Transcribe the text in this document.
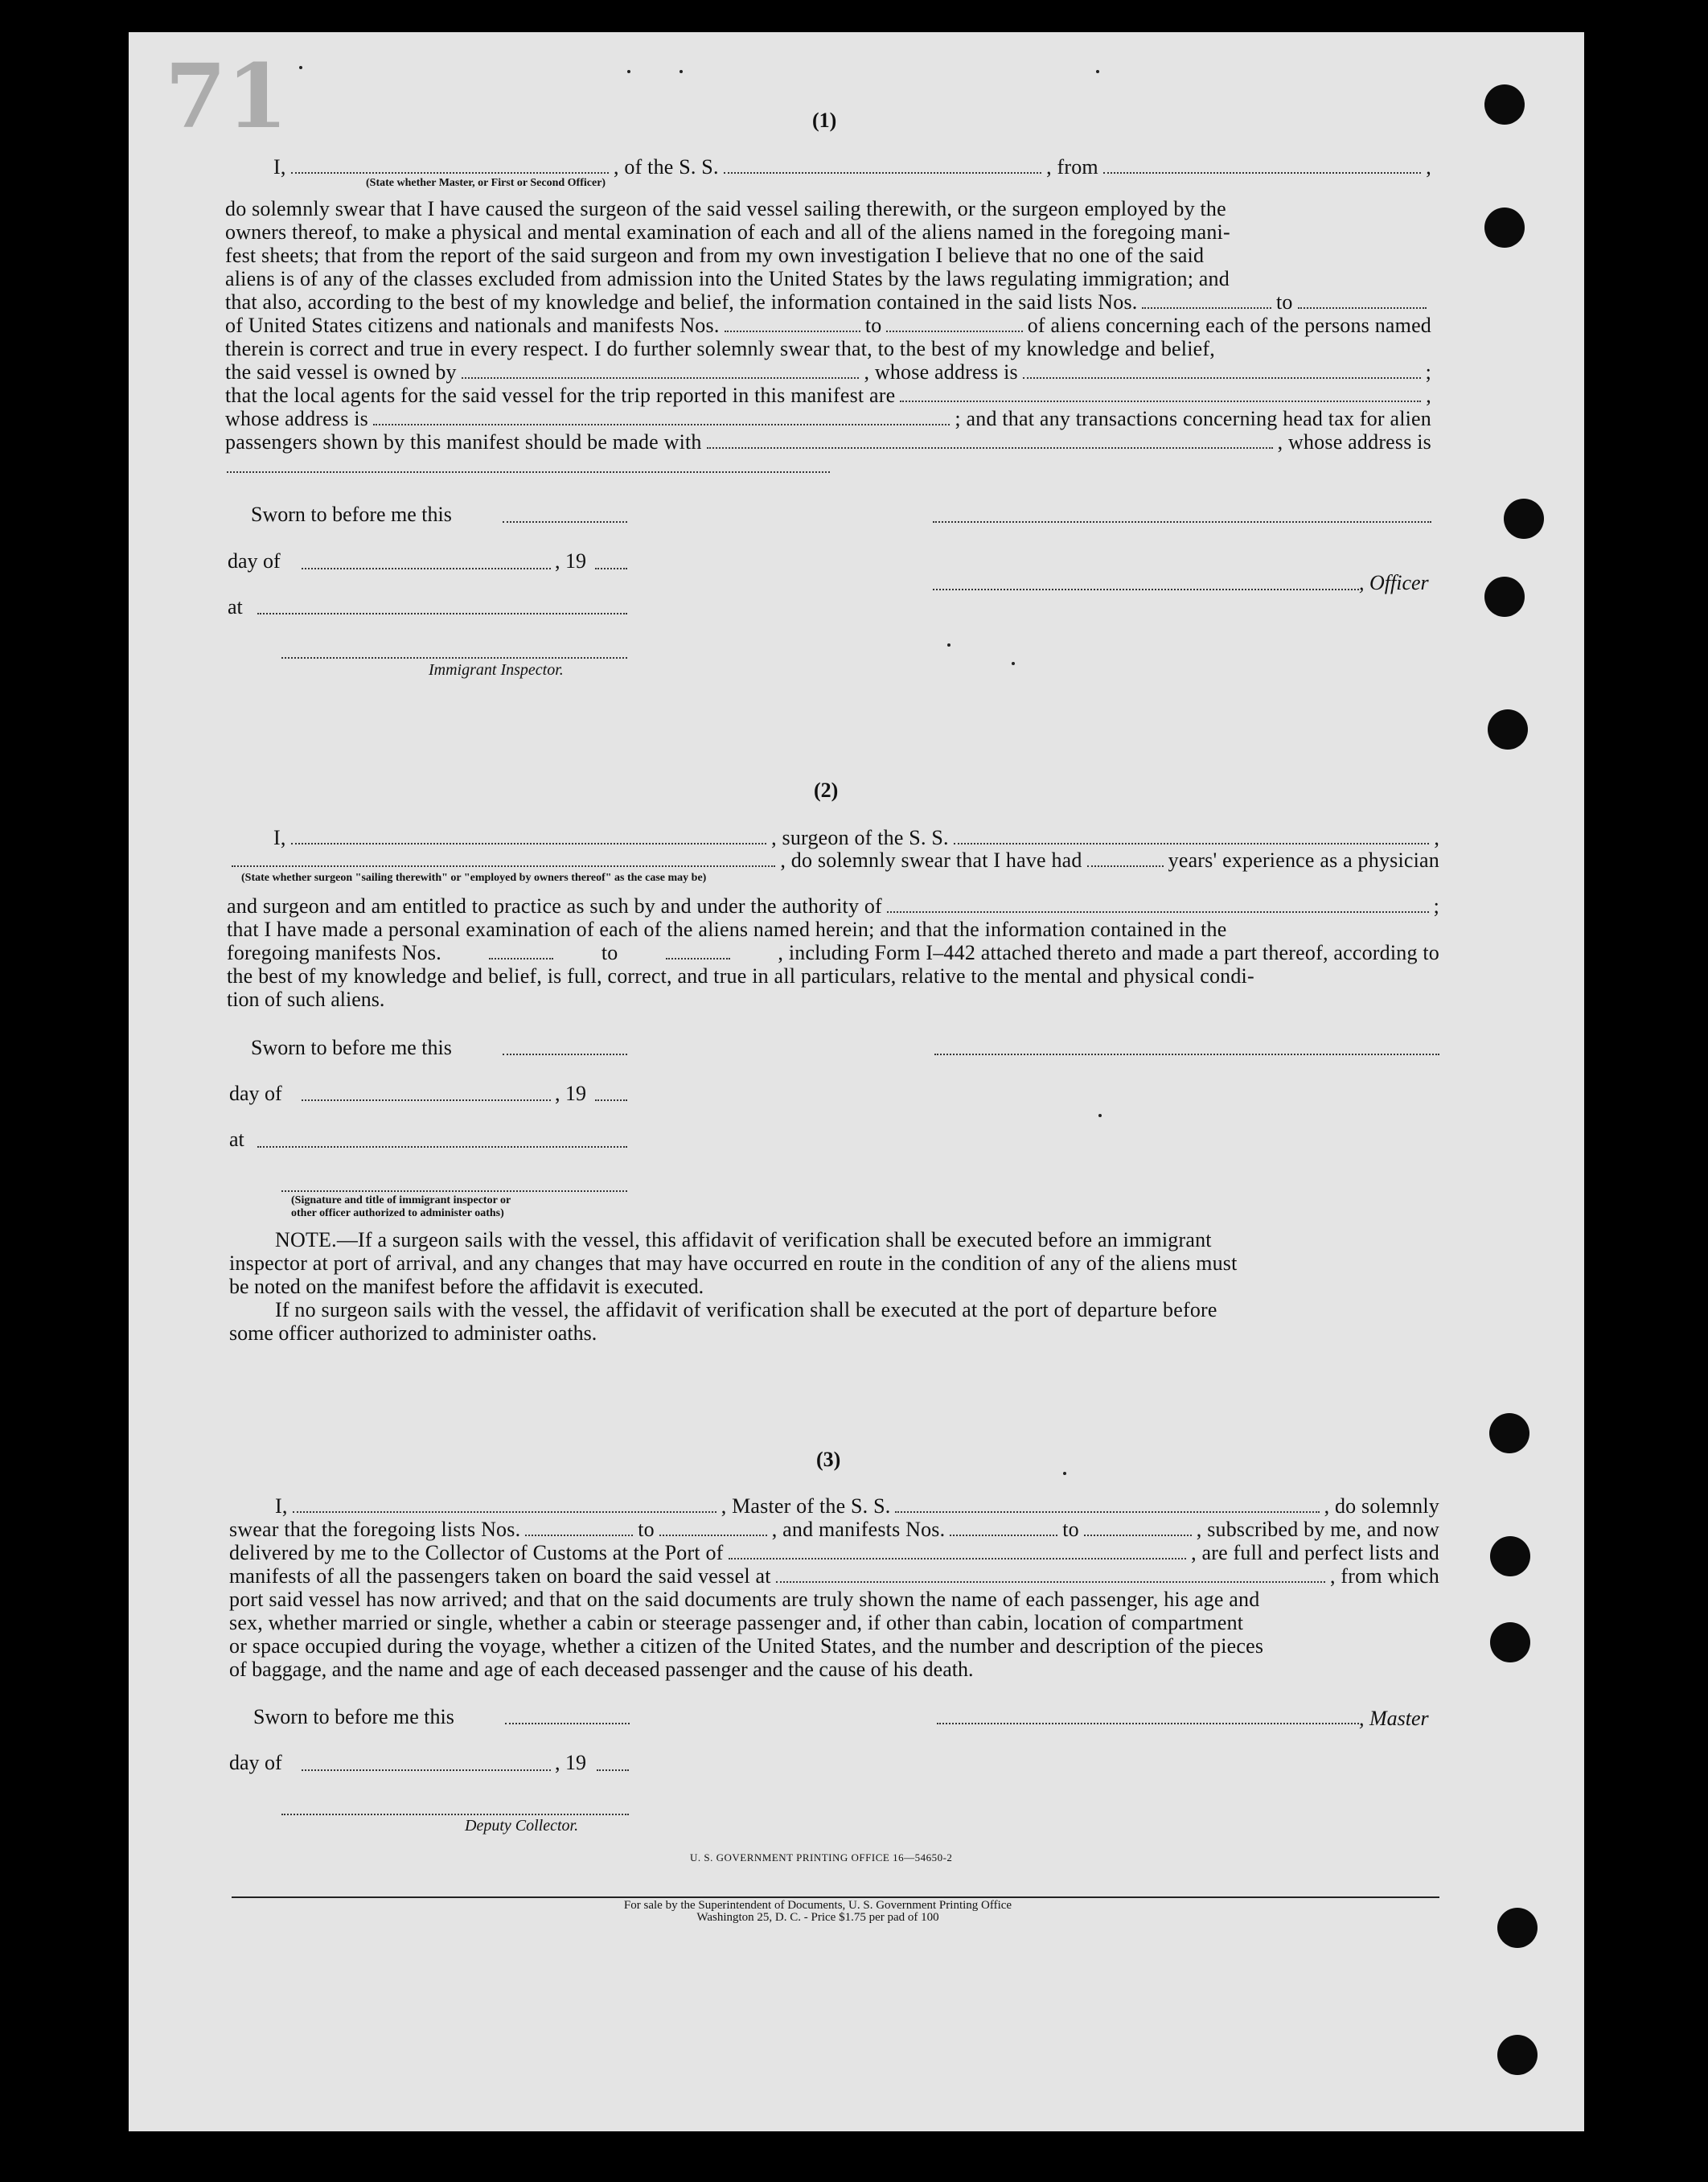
71	(1)
I,	, of the S. S.	, from	,
(State whether Master, or First or Second Officer)
do solemnly swear that I have caused the surgeon of the said vessel sailing therewith, or the surgeon employed by the
owners thereof, to make a physical and mental examination of each and all of the aliens named in the foregoing mani-
fest sheets; that from the report of the said surgeon and from my own investigation I believe that no one of the said
aliens is of any of the classes excluded from admission into the United States by the laws regulating immigration; and
that also, according to the best of my knowledge and belief, the information contained in the said lists Nos.	to
of United States citizens and nationals and manifests Nos.	to	of aliens concerning each of the persons named
therein is correct and true in every respect. I do further solemnly swear that, to the best of my knowledge and belief,
the said vessel is owned by	, whose address is	;
that the local agents for the said vessel for the trip reported in this manifest are	,
whose address is	; and that any transactions concerning head tax for alien
passengers shown by this manifest should be made with	, whose address is
Sworn to before me this
day of	, 19
, Officer
at
Immigrant Inspector.
(2)
I,	, surgeon of the S. S.	,
, do solemnly swear that I have had	years' experience as a physician
(State whether surgeon "sailing therewith" or "employed by owners thereof" as the case may be)
and surgeon and am entitled to practice as such by and under the authority of	;
that I have made a personal examination of each of the aliens named herein; and that the information contained in the
foregoing manifests Nos.	to	, including Form I–442 attached thereto and made a part thereof, according to
the best of my knowledge and belief, is full, correct, and true in all particulars, relative to the mental and physical condi-
tion of such aliens.
Sworn to before me this
day of	, 19
at
(Signature and title of immigrant inspector or
other officer authorized to administer oaths)
NOTE.—If a surgeon sails with the vessel, this affidavit of verification shall be executed before an immigrant
inspector at port of arrival, and any changes that may have occurred en route in the condition of any of the aliens must
be noted on the manifest before the affidavit is executed.
If no surgeon sails with the vessel, the affidavit of verification shall be executed at the port of departure before
some officer authorized to administer oaths.
(3)
I,	, Master of the S. S.	, do solemnly
swear that the foregoing lists Nos.	to	, and manifests Nos.	to	, subscribed by me, and now
delivered by me to the Collector of Customs at the Port of	, are full and perfect lists and
manifests of all the passengers taken on board the said vessel at	, from which
port said vessel has now arrived; and that on the said documents are truly shown the name of each passenger, his age and
sex, whether married or single, whether a cabin or steerage passenger and, if other than cabin, location of compartment
or space occupied during the voyage, whether a citizen of the United States, and the number and description of the pieces
of baggage, and the name and age of each deceased passenger and the cause of his death.
Sworn to before me this	, Master
day of	, 19
Deputy Collector.
U. S. GOVERNMENT PRINTING OFFICE 16—54650-2
For sale by the Superintendent of Documents, U. S. Government Printing Office
Washington 25, D. C. - Price $1.75 per pad of 100
